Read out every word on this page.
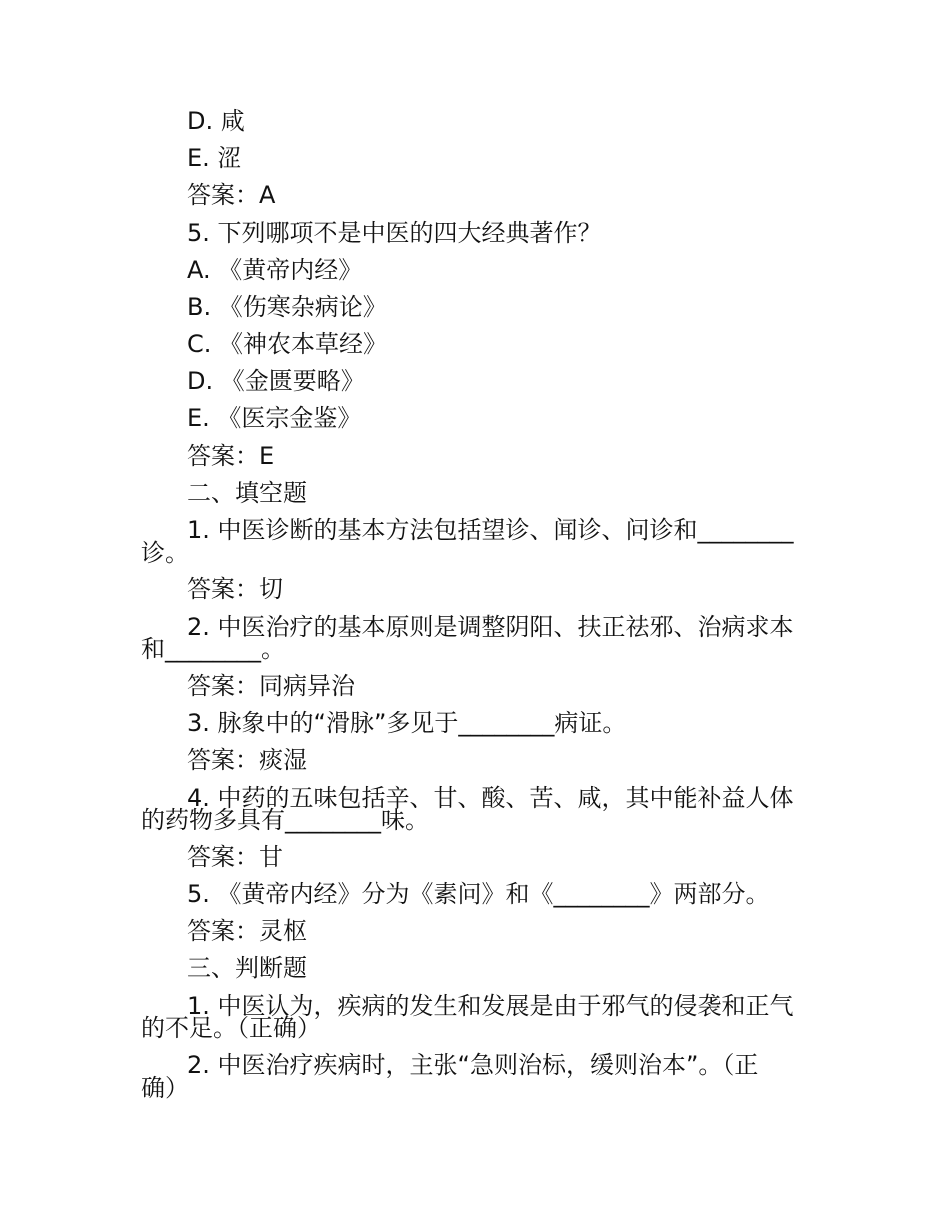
D. 咸
E. 涩
答案：A
5. 下列哪项不是中医的四大经典著作？
A. 《黄帝内经》
B. 《伤寒杂病论》
C. 《神农本草经》
D. 《金匮要略》
E. 《医宗金鉴》
答案：E
二、填空题
1. 中医诊断的基本方法包括望诊、闻诊、问诊和________
诊。
答案：切
2. 中医治疗的基本原则是调整阴阳、扶正祛邪、治病求本
和________。
答案：同病异治
3. 脉象中的“滑脉”多见于________病证。
答案：痰湿
4. 中药的五味包括辛、甘、酸、苦、咸，其中能补益人体
的药物多具有________味。
答案：甘
5. 《黄帝内经》分为《素问》和《________》两部分。
答案：灵枢
三、判断题
1. 中医认为，疾病的发生和发展是由于邪气的侵袭和正气
的不足。（正确）
2. 中医治疗疾病时，主张“急则治标，缓则治本”。（正
确）
